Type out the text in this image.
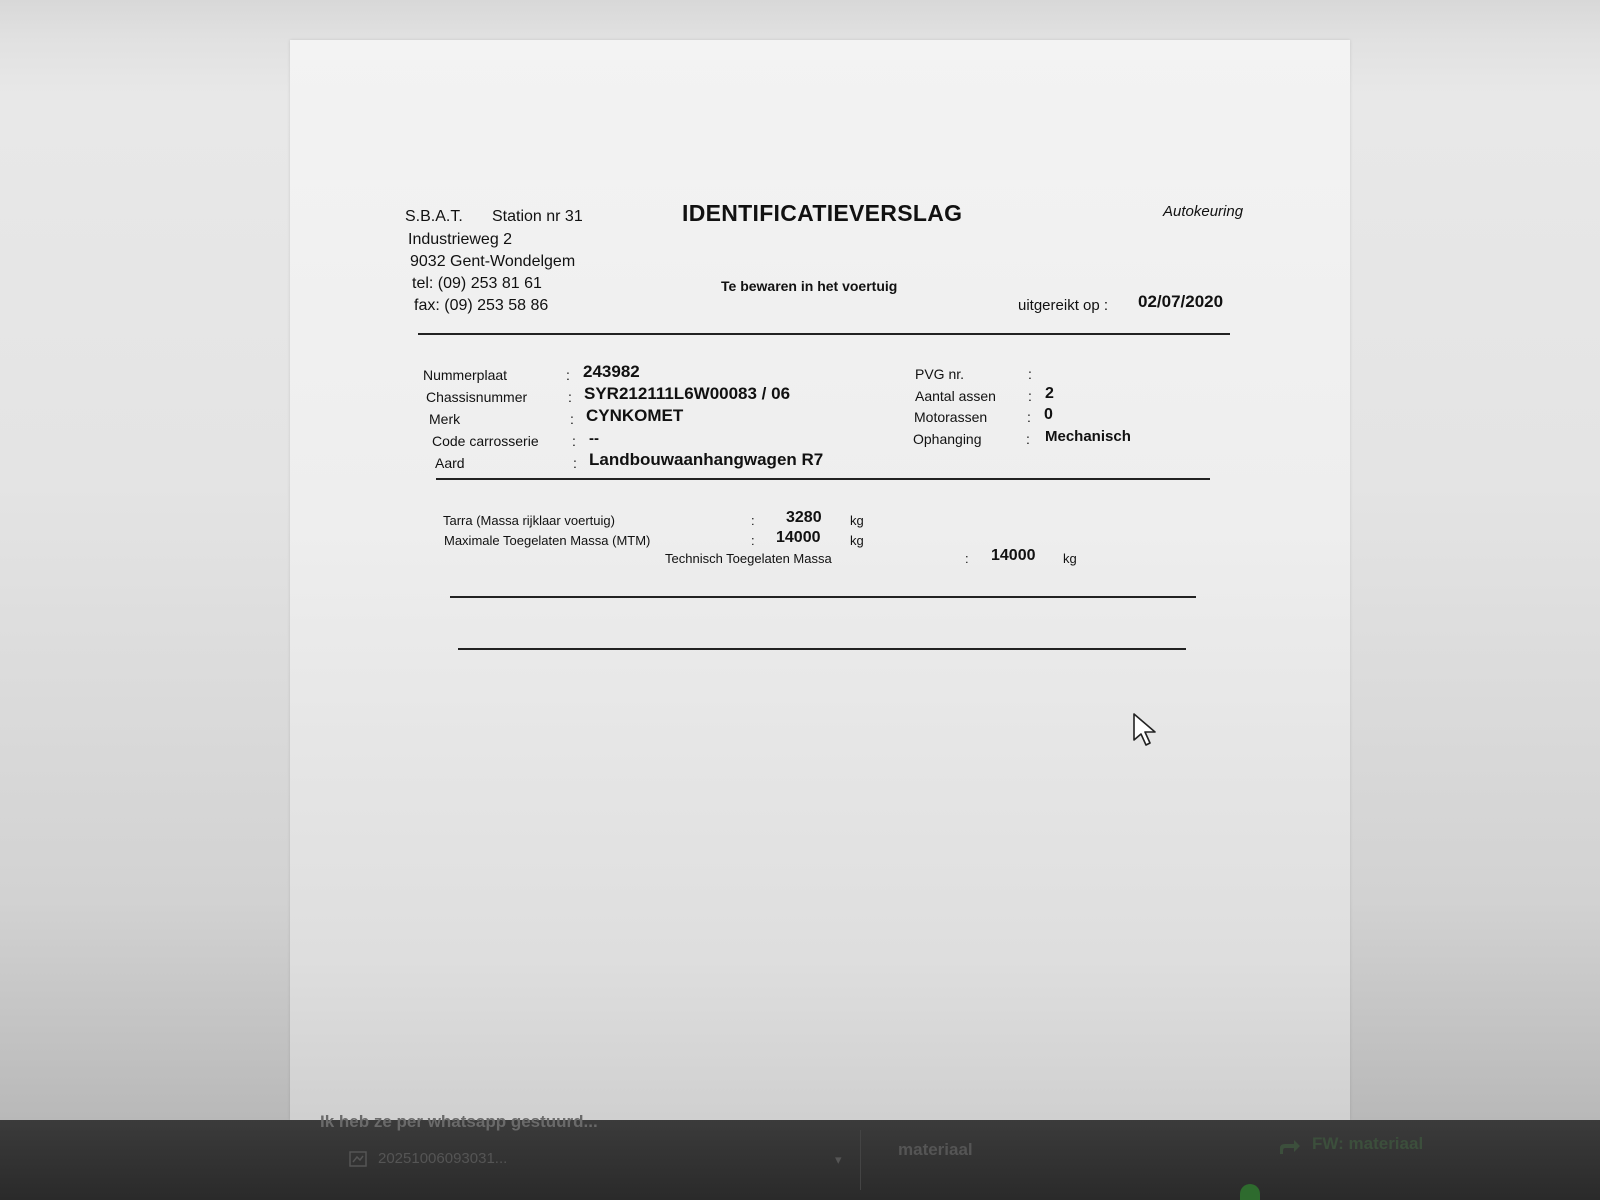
S.B.A.T. Station nr 31
Industrieweg 2
9032 Gent-Wondelgem
tel: (09) 253 81 61
fax: (09) 253 58 86
IDENTIFICATIEVERSLAG
Te bewaren in het voertuig
Autokeuring
uitgereikt op : 02/07/2020
Nummerplaat	: 243982
Chassisnummer	: SYR212111L6W00083 / 06
Merk	: CYNKOMET
Code carrosserie : --
Aard	: Landbouwaanhangwagen R7
PVG nr.	:
Aantal assen : 2
Motorassen	: 0
Ophanging	: Mechanisch
Tarra (Massa rijklaar voertuig)	: 3280 kg
Maximale Toegelaten Massa (MTM)	: 14000 kg
Technisch Toegelaten Massa	: 14000 kg
Ik heb ze per whatsapp gestuurd...
20251006093031...	▾
materiaal	FW: materiaal
